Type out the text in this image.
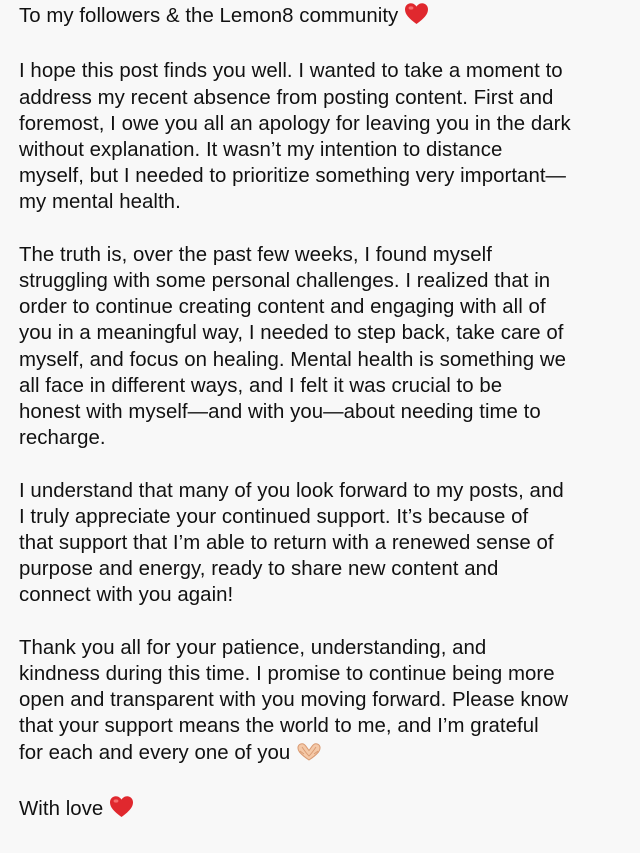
To my followers & the Lemon8 community

I hope this post finds you well. I wanted to take a moment to
address my recent absence from posting content. First and
foremost, I owe you all an apology for leaving you in the dark
without explanation. It wasn’t my intention to distance
myself, but I needed to prioritize something very important—
my mental health.

The truth is, over the past few weeks, I found myself
struggling with some personal challenges. I realized that in
order to continue creating content and engaging with all of
you in a meaningful way, I needed to step back, take care of
myself, and focus on healing. Mental health is something we
all face in different ways, and I felt it was crucial to be
honest with myself—and with you—about needing time to
recharge.

I understand that many of you look forward to my posts, and
I truly appreciate your continued support. It’s because of
that support that I’m able to return with a renewed sense of
purpose and energy, ready to share new content and
connect with you again!

Thank you all for your patience, understanding, and
kindness during this time. I promise to continue being more
open and transparent with you moving forward. Please know
that your support means the world to me, and I’m grateful
for each and every one of you

With love
